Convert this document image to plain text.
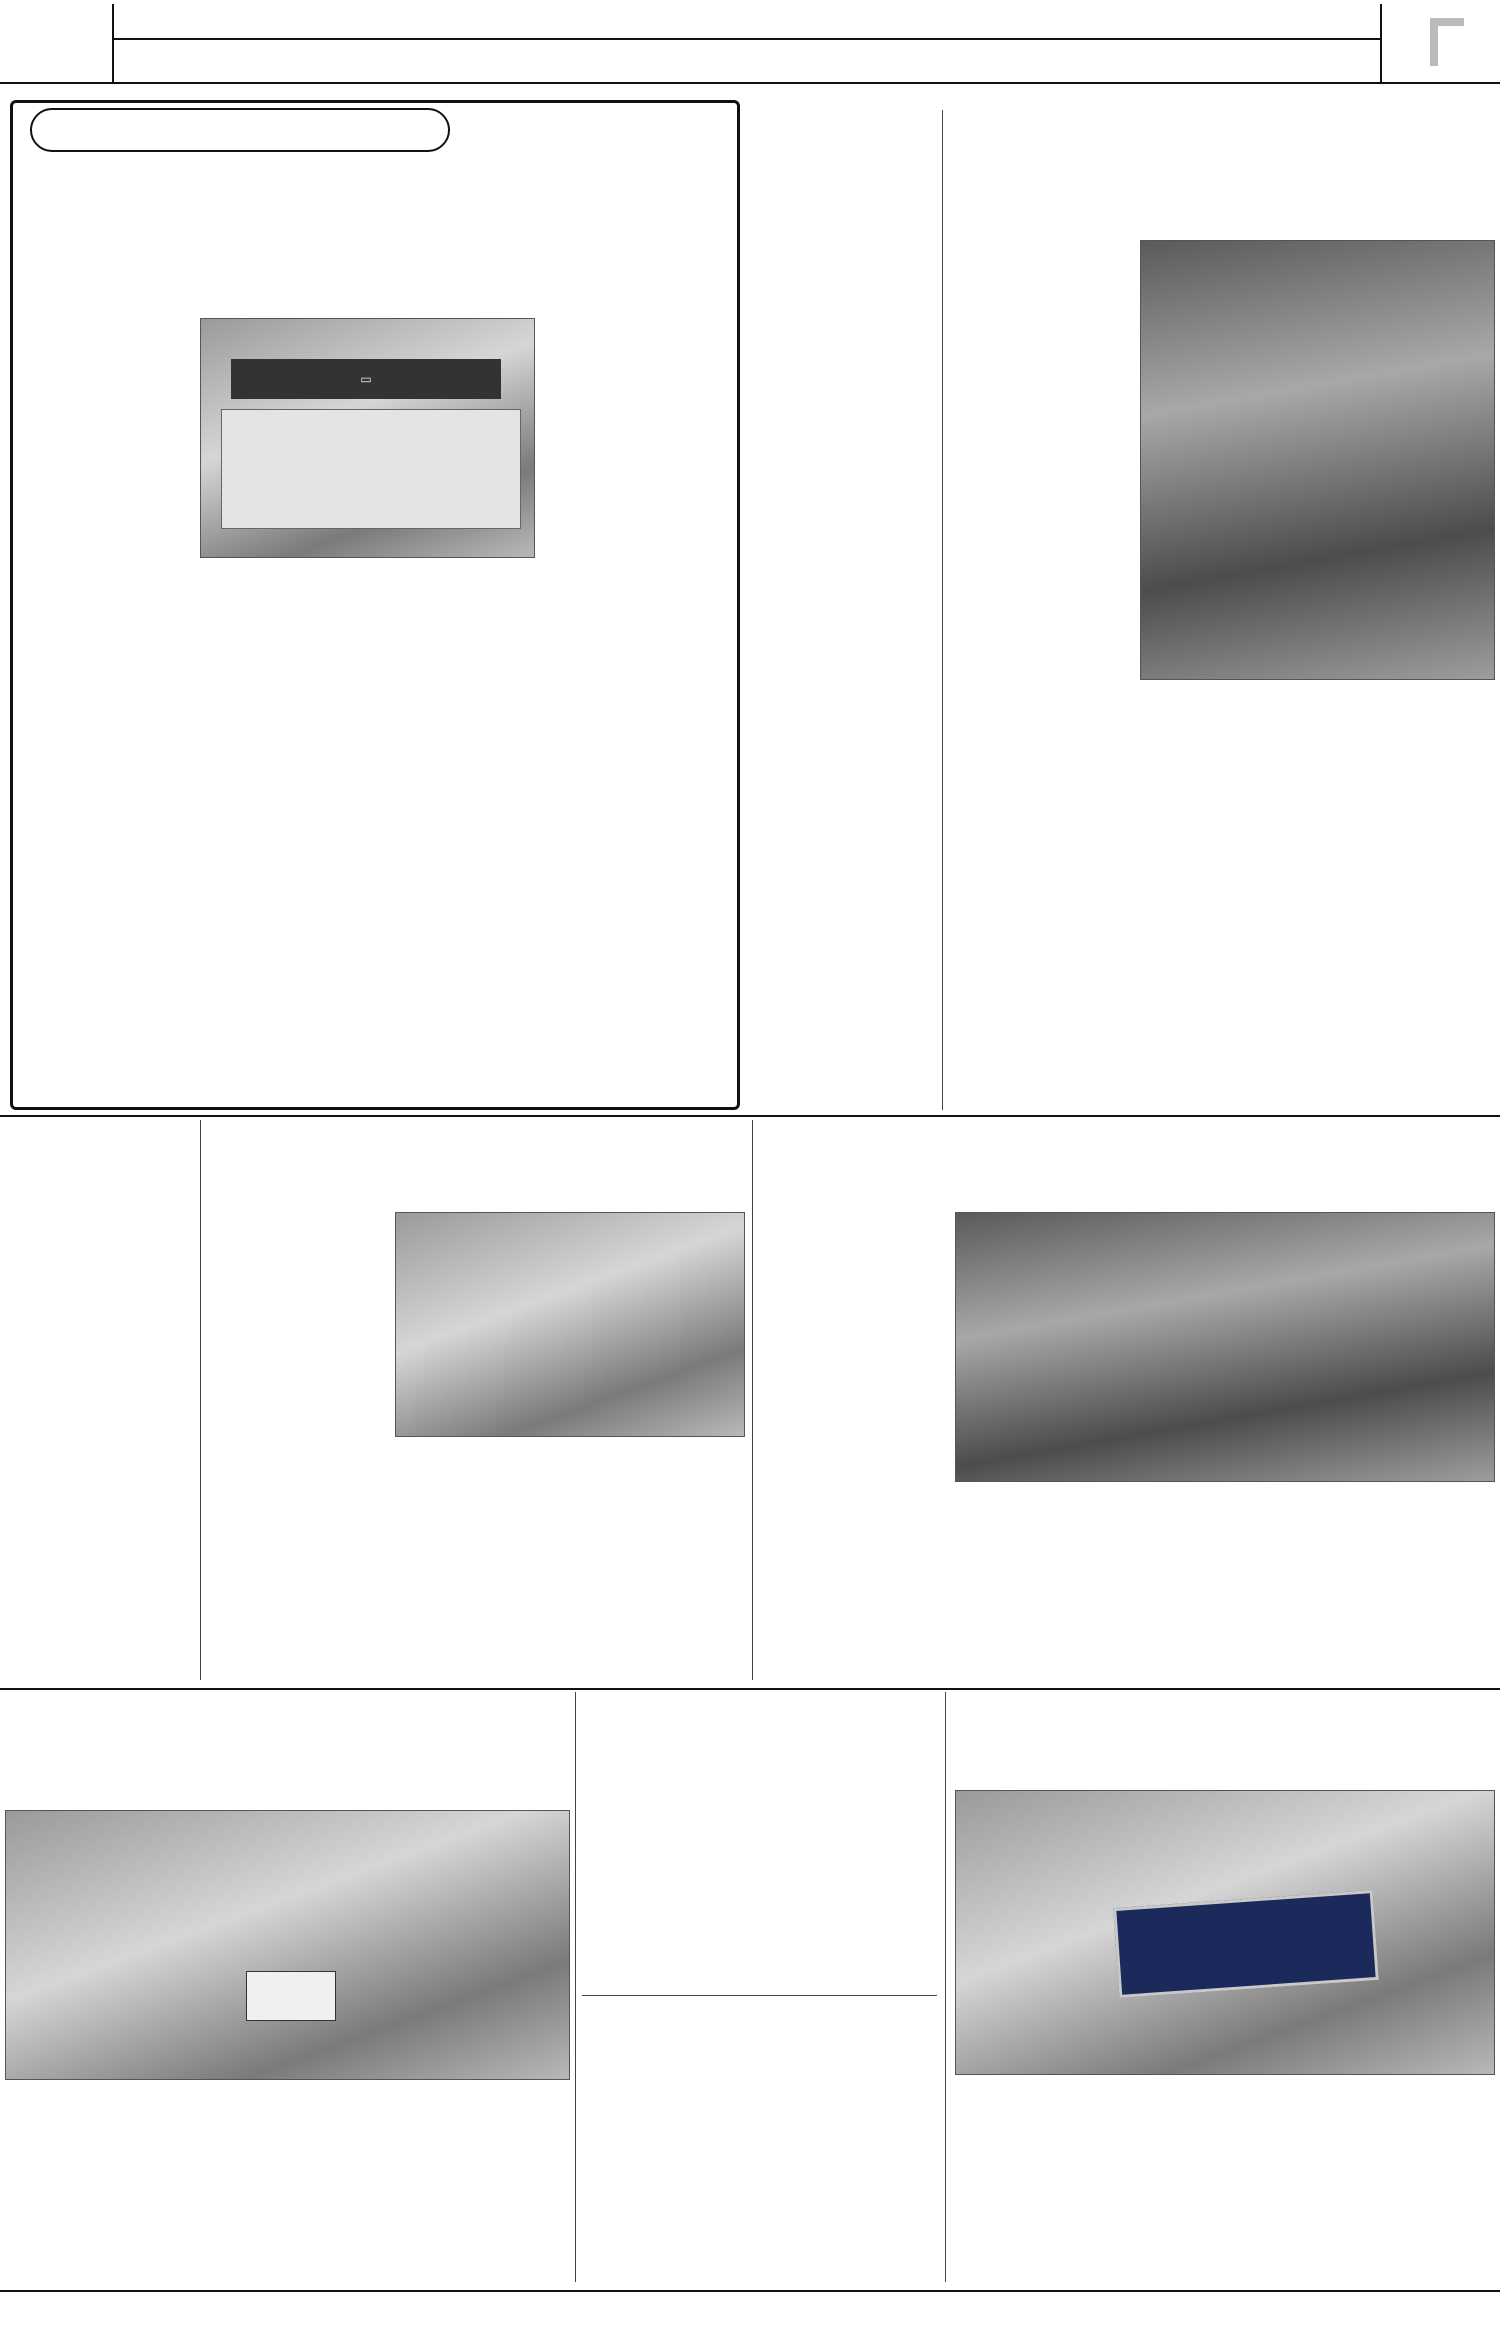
▭
